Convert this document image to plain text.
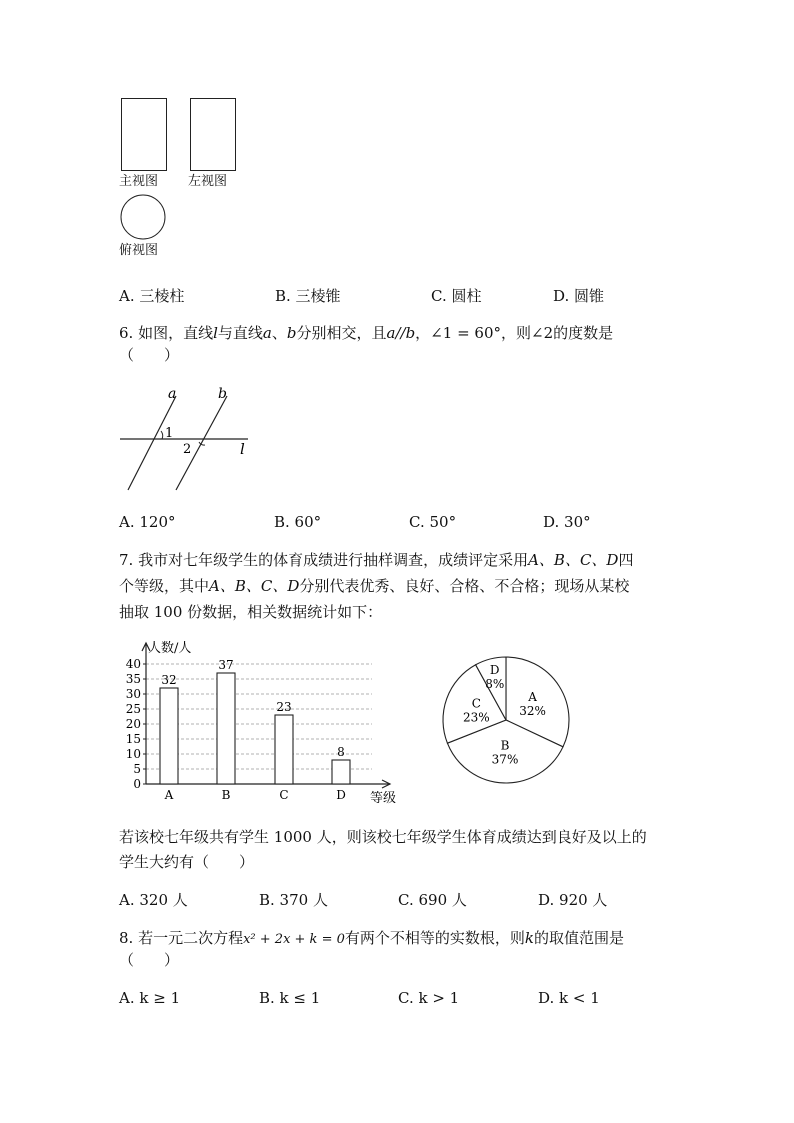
主视图 左视图
俯视图
A. 三棱柱	B. 三棱锥	C. 圆柱	D. 圆锥
6. 如图，直线l与直线a、b分别相交，且a//b，∠1 = 60°，则∠2的度数是
（　　）
a	b
1
2	l
A. 120°	B. 60°	C. 50°	D. 30°
7. 我市对七年级学生的体育成绩进行抽样调查，成绩评定采用A、B、C、D四
个等级，其中A、B、C、D分别代表优秀、良好、合格、不合格；现场从某校
抽取 100 份数据，相关数据统计如下：
0
5
10
15
20
25
30
35
40
人数/人
等级
32
A
37
B
23
C
8
D
A
32%
B
37%
C
23%
D
8%
若该校七年级共有学生 1000 人，则该校七年级学生体育成绩达到良好及以上的
学生大约有（　　）
A. 320 人	B. 370 人	C. 690 人	D. 920 人
8. 若一元二次方程x² + 2x + k = 0有两个不相等的实数根，则k的取值范围是
（　　）
A. k ≥ 1	B. k ≤ 1	C. k > 1	D. k < 1
